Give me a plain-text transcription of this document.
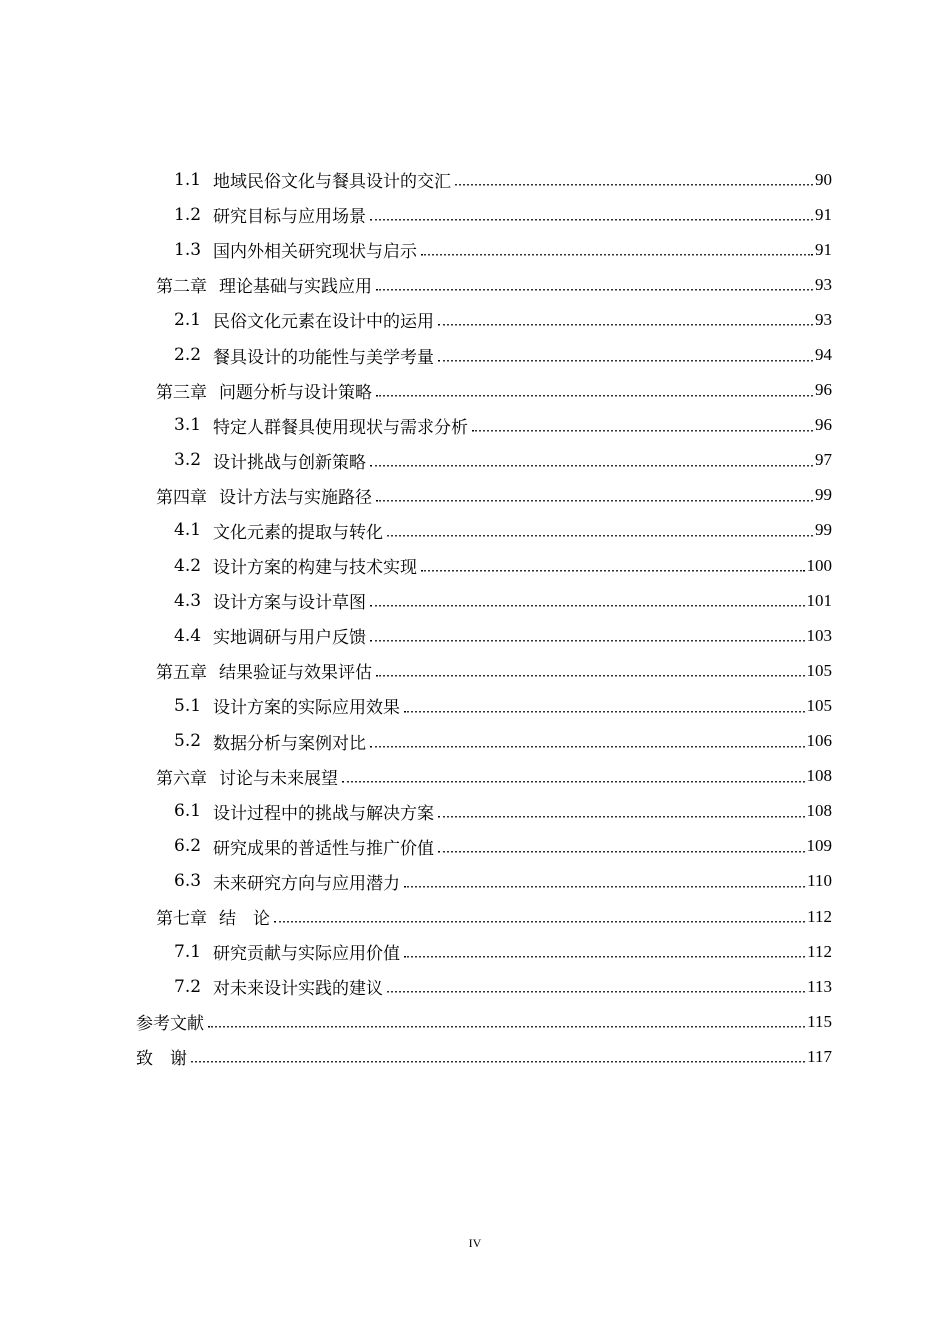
1.1 地域民俗文化与餐具设计的交汇	90
1.2 研究目标与应用场景	91
1.3 国内外相关研究现状与启示	91
第二章 理论基础与实践应用	93
2.1 民俗文化元素在设计中的运用	93
2.2 餐具设计的功能性与美学考量	94
第三章 问题分析与设计策略	96
3.1 特定人群餐具使用现状与需求分析	96
3.2 设计挑战与创新策略	97
第四章 设计方法与实施路径	99
4.1 文化元素的提取与转化	99
4.2 设计方案的构建与技术实现	100
4.3 设计方案与设计草图	101
4.4 实地调研与用户反馈	103
第五章 结果验证与效果评估	105
5.1 设计方案的实际应用效果	105
5.2 数据分析与案例对比	106
第六章 讨论与未来展望	108
6.1 设计过程中的挑战与解决方案	108
6.2 研究成果的普适性与推广价值	109
6.3 未来研究方向与应用潜力	110
第七章 结　论	112
7.1 研究贡献与实际应用价值	112
7.2 对未来设计实践的建议	113
参考文献	115
致　谢	117
IV
